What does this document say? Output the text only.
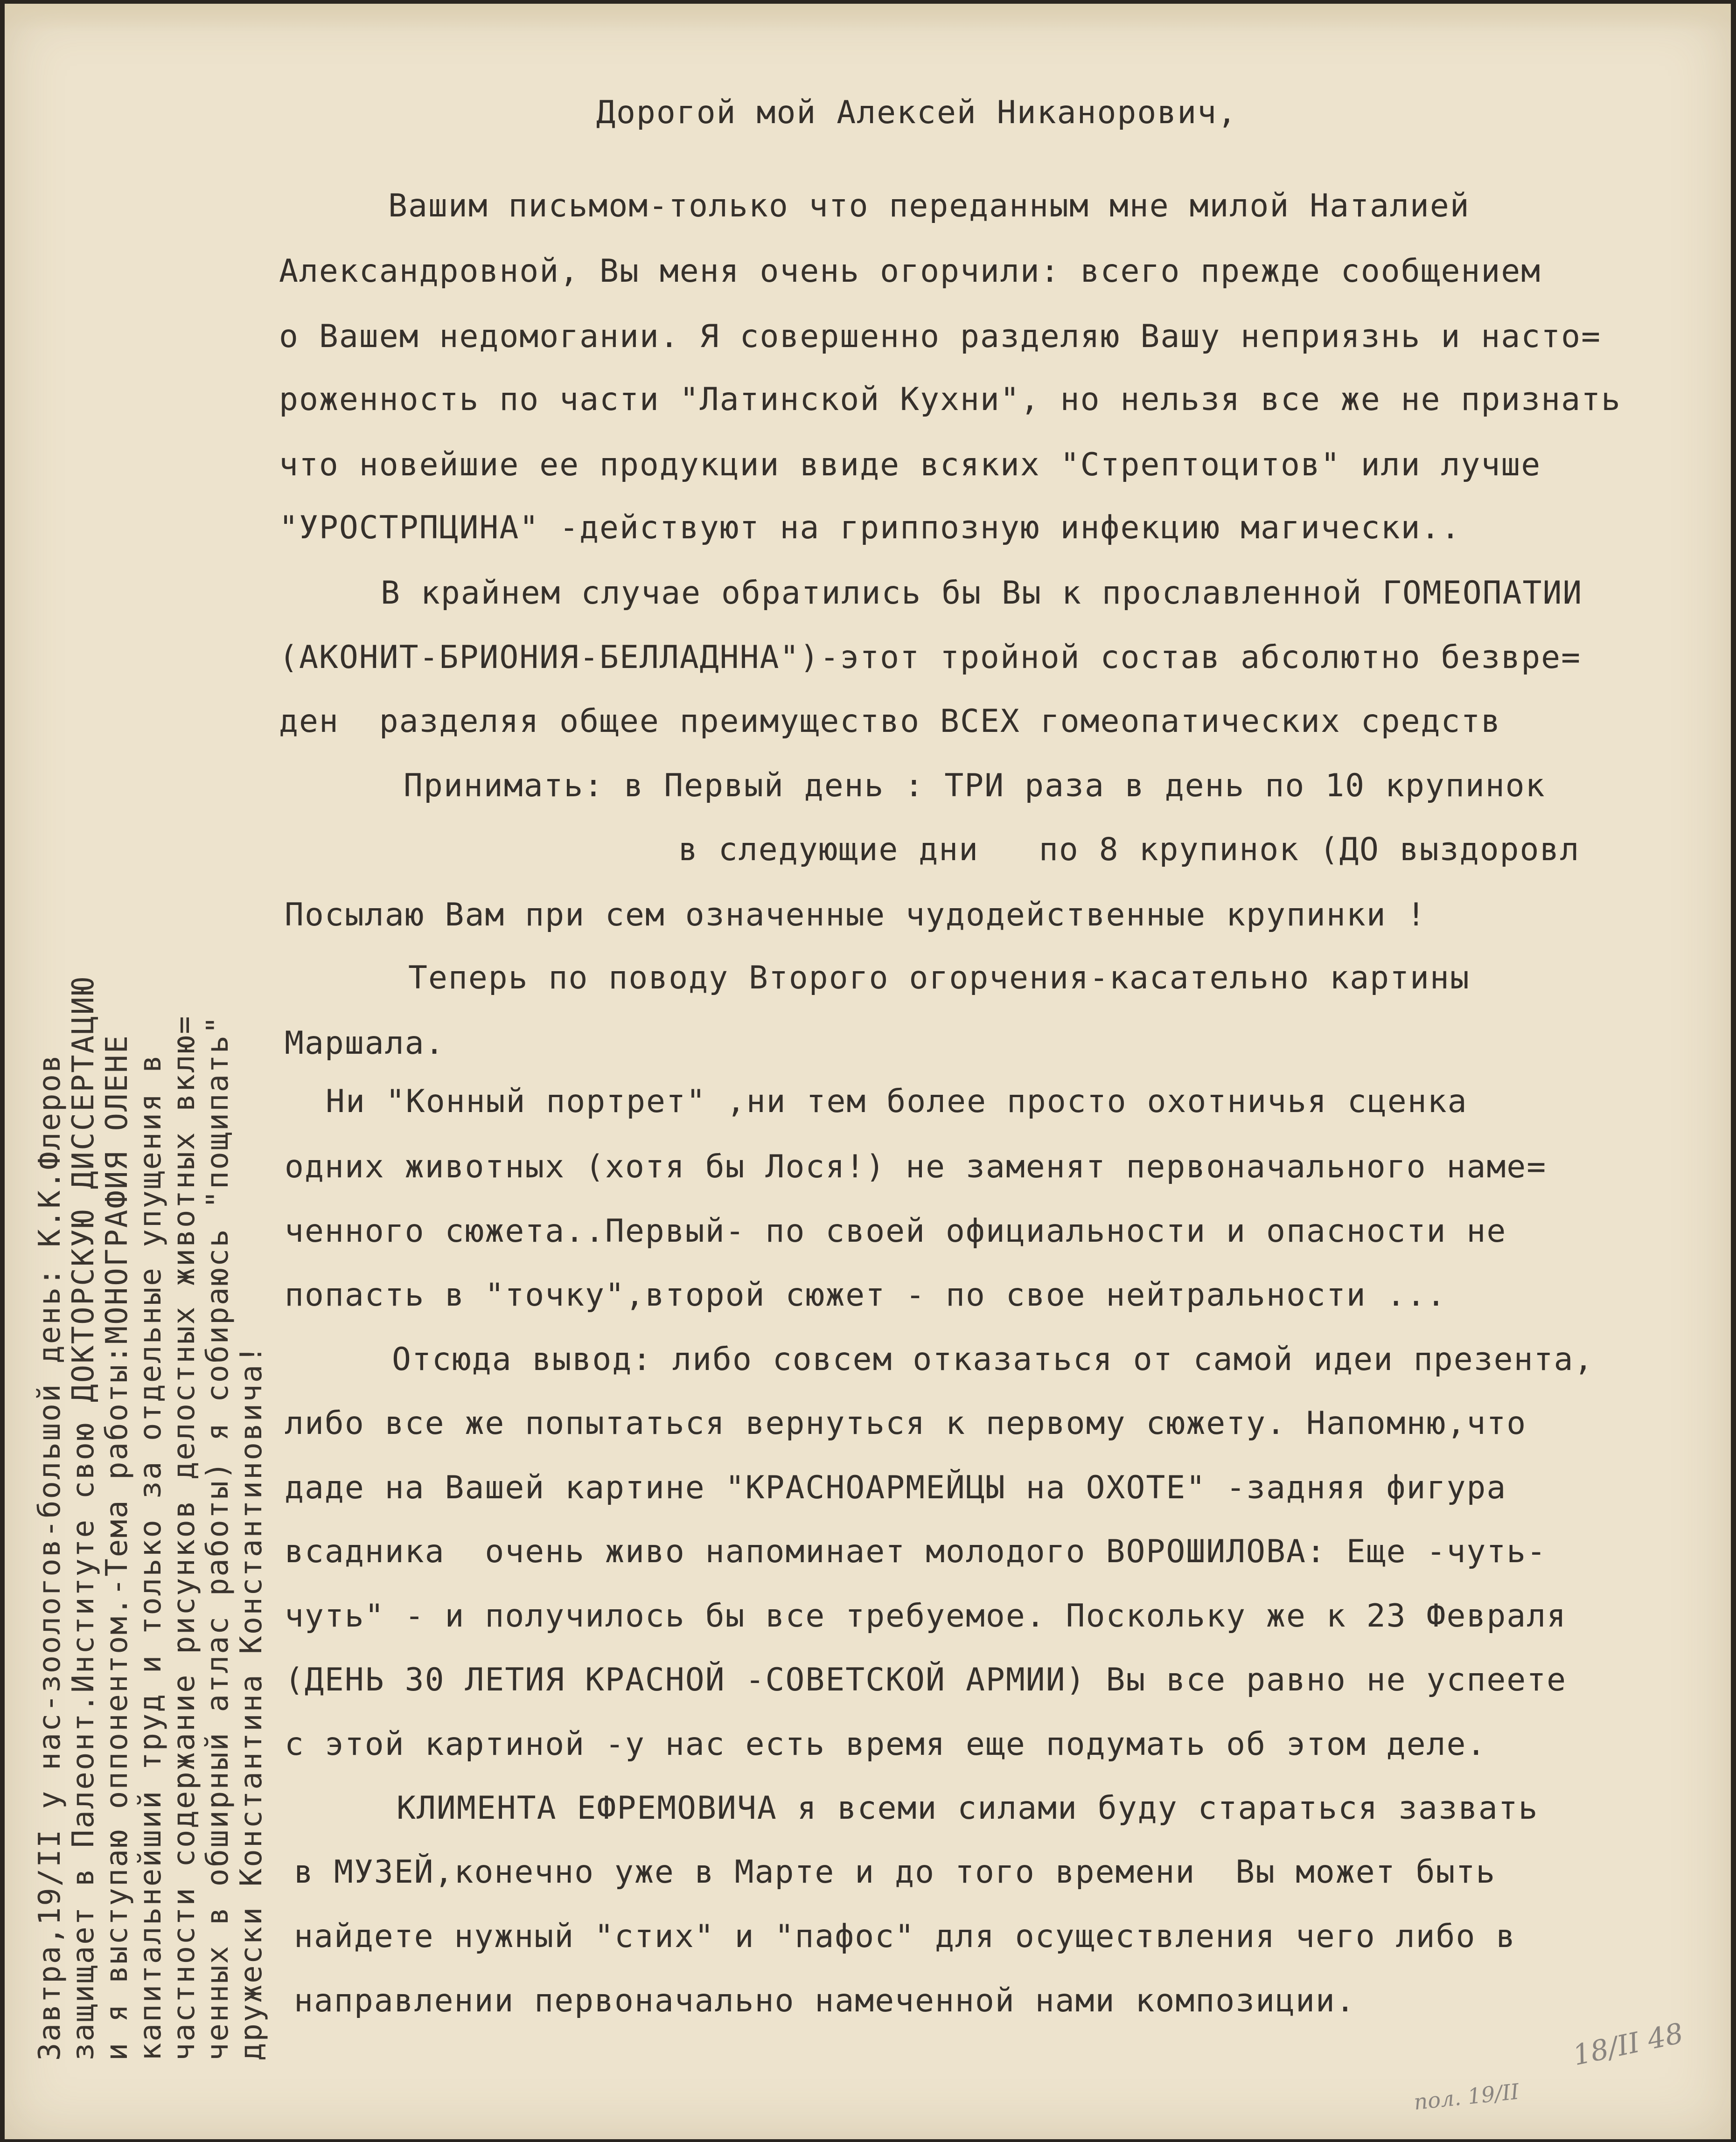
Дорогой мой Алексей Никанорович,
Вашим письмом-только что переданным мне милой Наталией
Александровной, Вы меня очень огорчили: всего прежде сообщением
о Вашем недомогании. Я совершенно разделяю Вашу неприязнь и насто=
роженность по части "Латинской Кухни", но нельзя все же не признать
что новейшие ее продукции ввиде всяких "Стрептоцитов" или лучше
"УРОСТРПЦИНА" -действуют на гриппозную инфекцию магически..
В крайнем случае обратились бы Вы к прославленной ГОМЕОПАТИИ
(АКОНИТ-БРИОНИЯ-БЕЛЛАДННА")-этот тройной состав абсолютно безвре=
ден  разделяя общее преимущество ВСЕХ гомеопатических средств
Принимать: в Первый день : ТРИ раза в день по 10 крупинок
в следующие дни   по 8 крупинок (ДО выздоровл
Посылаю Вам при сем означенные чудодейственные крупинки !
Теперь по поводу Второго огорчения-касательно картины
Маршала.
Ни "Конный портрет" ,ни тем более просто охотничья сценка
одних животных (хотя бы Лося!) не заменят первоначального наме=
ченного сюжета..Первый- по своей официальности и опасности не
попасть в "точку",второй сюжет - по свое нейтральности ...
Отсюда вывод: либо совсем отказаться от самой идеи презента,
либо все же попытаться вернуться к первому сюжету. Напомню,что
даде на Вашей картине "КРАСНОАРМЕЙЦЫ на ОХОТЕ" -задняя фигура
всадника  очень живо напоминает молодого ВОРОШИЛОВА: Еще -чуть-
чуть" - и получилось бы все требуемое. Поскольку же к 23 Февраля
(ДЕНЬ 30 ЛЕТИЯ КРАСНОЙ -СОВЕТСКОЙ АРМИИ) Вы все равно не успеете
с этой картиной -у нас есть время еще подумать об этом деле.
КЛИМЕНТА ЕФРЕМОВИЧА я всеми силами буду стараться зазвать
в МУЗЕЙ,конечно уже в Марте и до того времени  Вы может быть
найдете нужный "стих" и "пафос" для осуществления чего либо в
направлении первоначально намеченной нами композиции.
Завтра,19/II у нас-зоологов-большой день: К.К.Флеров
защищает в Палеонт.Институте свою ДОКТОРСКУЮ ДИССЕРТАЦИЮ
и я выступаю оппонентом.-Тема работы:МОНОГРАФИЯ ОЛЕНЕ
капитальнейший труд и только за отдельные упущения в
частности содержание рисунков делостных животных вклю=
ченных в обширный атлас работы) я собираюсь "пощипать"
дружески Константина Константиновича!	18/II 48
пол. 19/II
